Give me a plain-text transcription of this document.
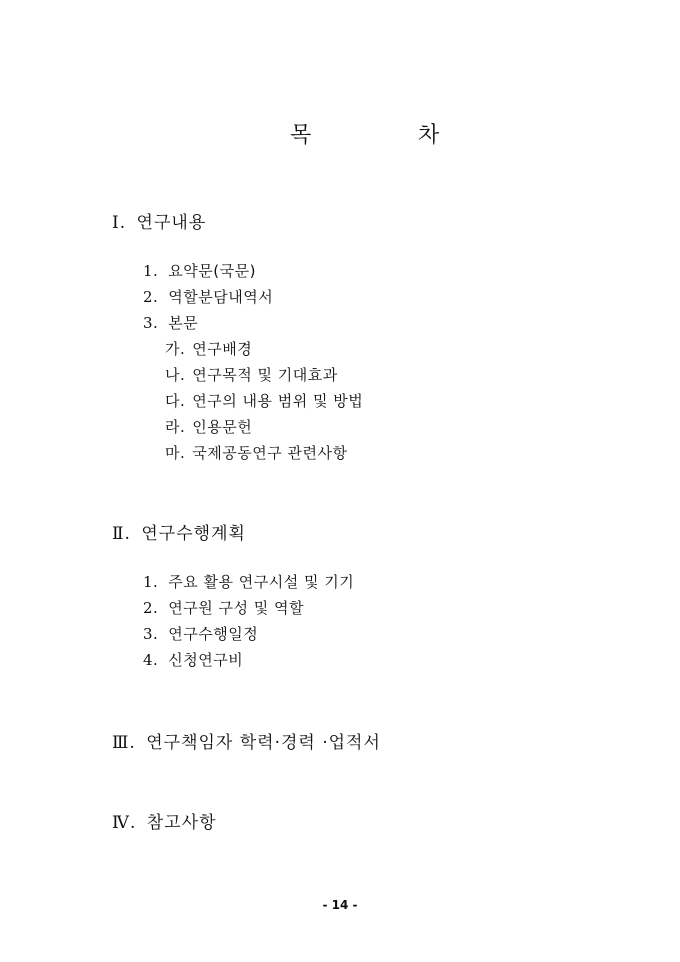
목	차
Ⅰ. 연구내용
1. 요약문(국문)
2. 역할분담내역서
3. 본문
가. 연구배경
나. 연구목적 및 기대효과
다. 연구의 내용 범위 및 방법
라. 인용문헌
마. 국제공동연구 관련사항
Ⅱ. 연구수행계획
1. 주요 활용 연구시설 및 기기
2. 연구원 구성 및 역할
3. 연구수행일정
4. 신청연구비
Ⅲ. 연구책임자 학력·경력 ·업적서
Ⅳ. 참고사항
- 14 -
